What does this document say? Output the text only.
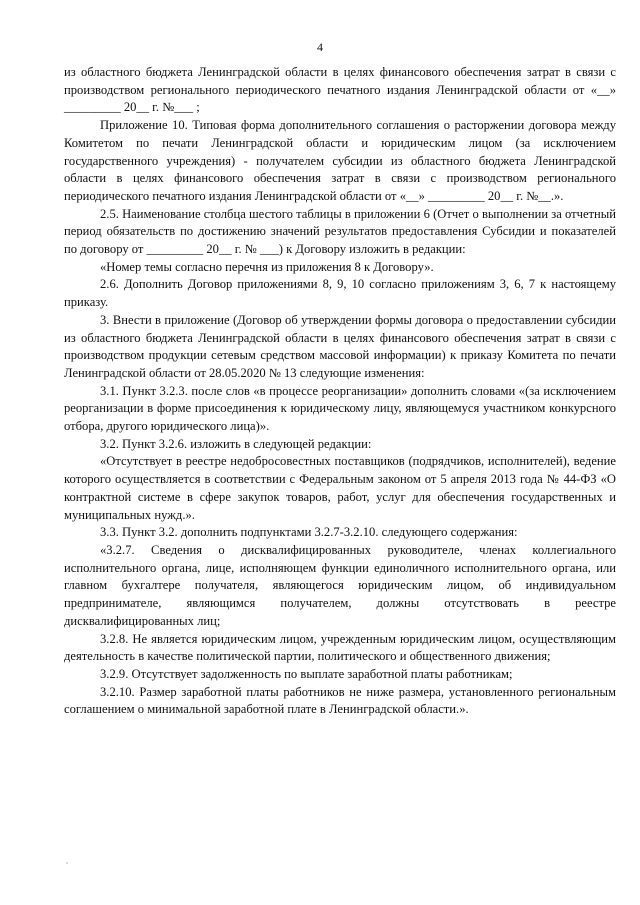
4

из областного бюджета Ленинградской области в целях финансового обеспечения затрат в связи с производством регионального периодического печатного издания Ленинградской области от «__» _________ 20__ г. №___ ;

Приложение 10. Типовая форма дополнительного соглашения о расторжении договора между Комитетом по печати Ленинградской области и юридическим лицом (за исключением государственного учреждения) - получателем субсидии из областного бюджета Ленинградской области в целях финансового обеспечения затрат в связи с производством регионального периодического печатного издания Ленинградской области от «__» _________ 20__ г. №__.».

2.5. Наименование столбца шестого таблицы в приложении 6 (Отчет о выполнении за отчетный период обязательств по достижению значений результатов предоставления Субсидии и показателей по договору от _________ 20__ г. № ___) к Договору изложить в редакции:

«Номер темы согласно перечня из приложения 8 к Договору».

2.6. Дополнить Договор приложениями 8, 9, 10 согласно приложениям 3, 6, 7 к настоящему приказу.

3. Внести в приложение (Договор об утверждении формы договора о предоставлении субсидии из областного бюджета Ленинградской области в целях финансового обеспечения затрат в связи с производством продукции сетевым средством массовой информации) к приказу Комитета по печати Ленинградской области от 28.05.2020 № 13 следующие изменения:

3.1. Пункт 3.2.3. после слов «в процессе реорганизации» дополнить словами «(за исключением реорганизации в форме присоединения к юридическому лицу, являющемуся участником конкурсного отбора, другого юридического лица)».

3.2. Пункт 3.2.6. изложить в следующей редакции:

«Отсутствует в реестре недобросовестных поставщиков (подрядчиков, исполнителей), ведение которого осуществляется в соответствии с Федеральным законом от 5 апреля 2013 года № 44-ФЗ «О контрактной системе в сфере закупок товаров, работ, услуг для обеспечения государственных и муниципальных нужд.».

3.3. Пункт 3.2. дополнить подпунктами 3.2.7-3.2.10. следующего содержания:

«3.2.7. Сведения о дисквалифицированных руководителе, членах коллегиального исполнительного органа, лице, исполняющем функции единоличного исполнительного органа, или главном бухгалтере получателя, являющегося юридическим лицом, об индивидуальном предпринимателе, являющимся получателем, должны отсутствовать в реестре дисквалифицированных лиц;

3.2.8. Не является юридическим лицом, учрежденным юридическим лицом, осуществляющим деятельность в качестве политической партии, политического и общественного движения;

3.2.9. Отсутствует задолженность по выплате заработной платы работникам;

3.2.10. Размер заработной платы работников не ниже размера, установленного региональным соглашением о минимальной заработной плате в Ленинградской области.».
